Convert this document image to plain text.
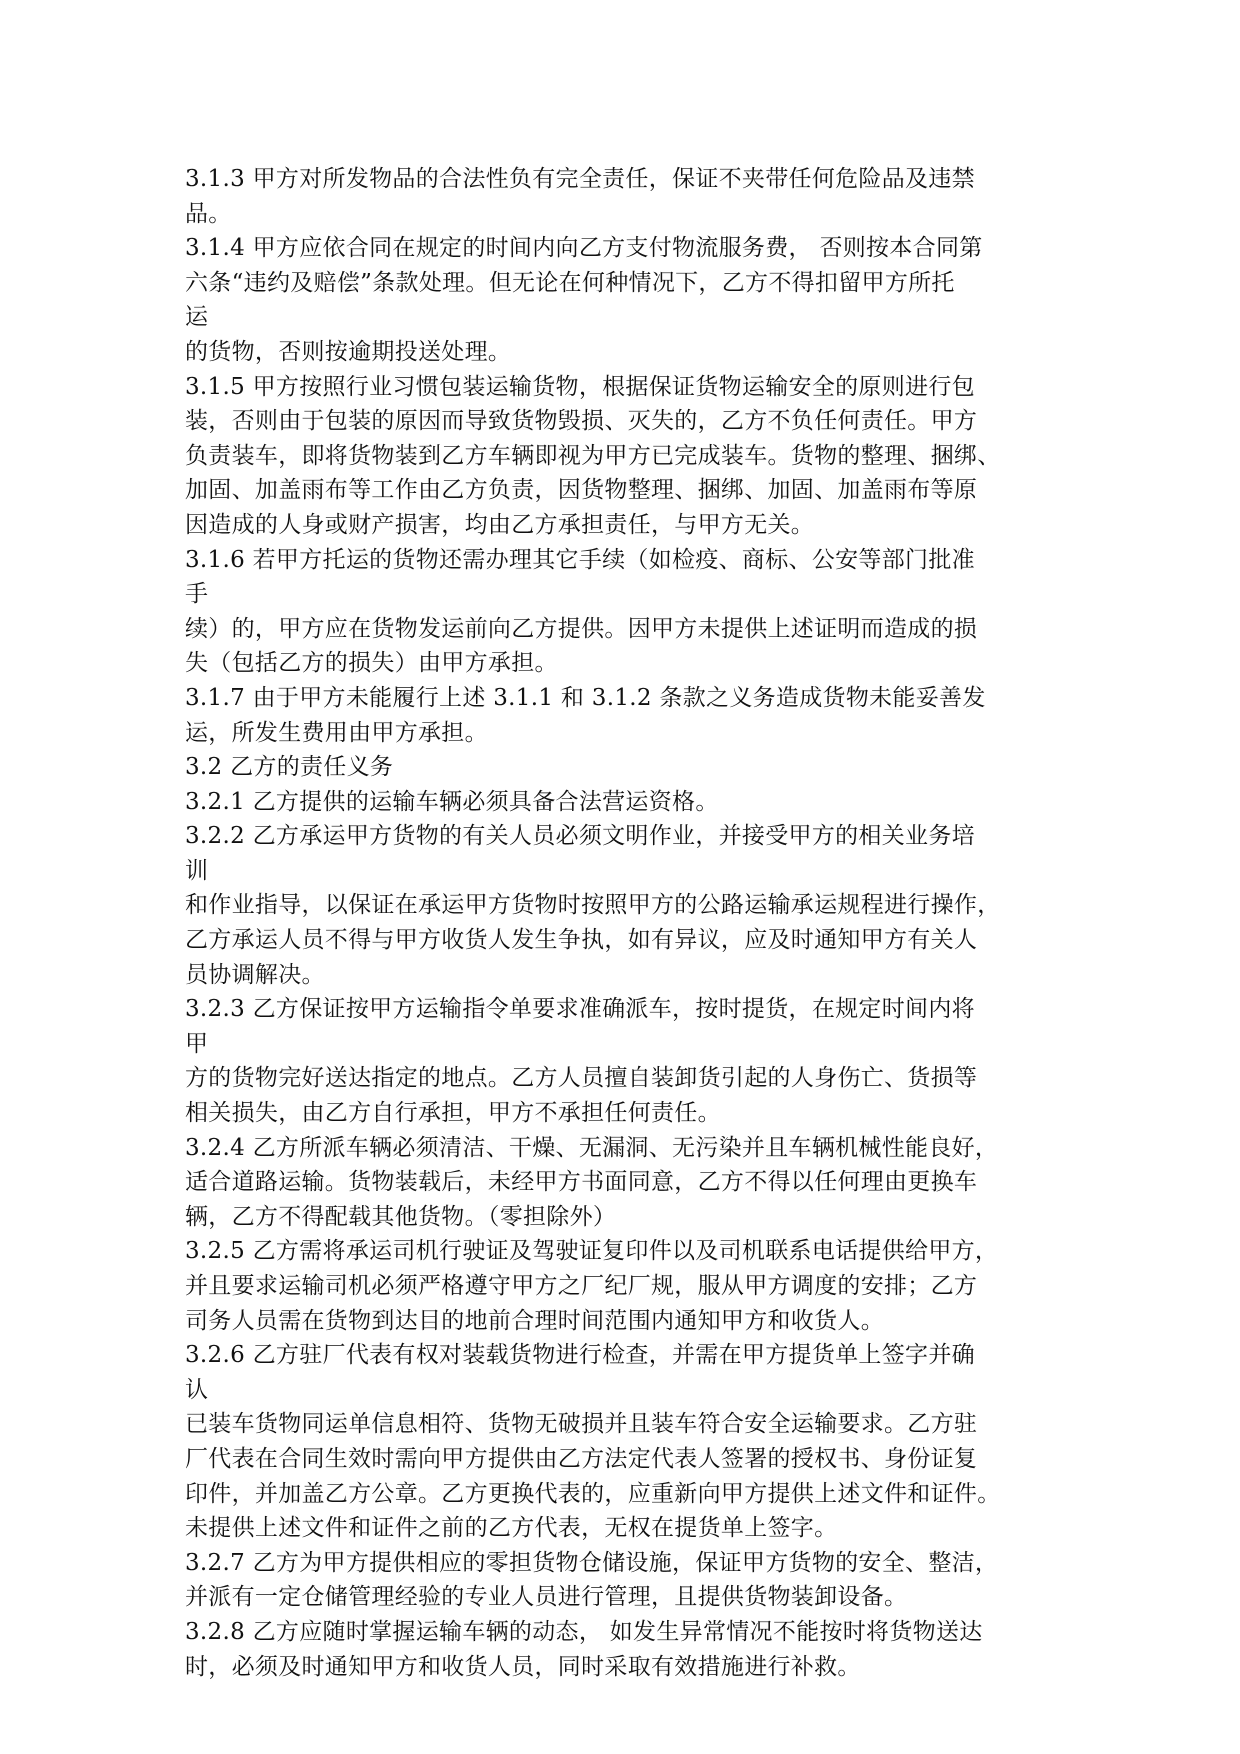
3.1.3 甲方对所发物品的合法性负有完全责任，保证不夹带任何危险品及违禁
品。
3.1.4 甲方应依合同在规定的时间内向乙方支付物流服务费， 否则按本合同第
六条“违约及赔偿”条款处理。但无论在何种情况下，乙方不得扣留甲方所托
运
的货物，否则按逾期投送处理。
3.1.5 甲方按照行业习惯包装运输货物，根据保证货物运输安全的原则进行包
装，否则由于包装的原因而导致货物毁损、灭失的，乙方不负任何责任。甲方
负责装车，即将货物装到乙方车辆即视为甲方已完成装车。货物的整理、捆绑、
加固、加盖雨布等工作由乙方负责，因货物整理、捆绑、加固、加盖雨布等原
因造成的人身或财产损害，均由乙方承担责任，与甲方无关。
3.1.6 若甲方托运的货物还需办理其它手续（如检疫、商标、公安等部门批准
手
续）的，甲方应在货物发运前向乙方提供。因甲方未提供上述证明而造成的损
失（包括乙方的损失）由甲方承担。
3.1.7 由于甲方未能履行上述 3.1.1 和 3.1.2 条款之义务造成货物未能妥善发
运，所发生费用由甲方承担。
3.2 乙方的责任义务
3.2.1 乙方提供的运输车辆必须具备合法营运资格。
3.2.2 乙方承运甲方货物的有关人员必须文明作业，并接受甲方的相关业务培
训
和作业指导，以保证在承运甲方货物时按照甲方的公路运输承运规程进行操作，
乙方承运人员不得与甲方收货人发生争执，如有异议，应及时通知甲方有关人
员协调解决。
3.2.3 乙方保证按甲方运输指令单要求准确派车，按时提货，在规定时间内将
甲
方的货物完好送达指定的地点。乙方人员擅自装卸货引起的人身伤亡、货损等
相关损失，由乙方自行承担，甲方不承担任何责任。
3.2.4 乙方所派车辆必须清洁、干燥、无漏洞、无污染并且车辆机械性能良好，
适合道路运输。货物装载后，未经甲方书面同意，乙方不得以任何理由更换车
辆，乙方不得配载其他货物。（零担除外）
3.2.5 乙方需将承运司机行驶证及驾驶证复印件以及司机联系电话提供给甲方，
并且要求运输司机必须严格遵守甲方之厂纪厂规，服从甲方调度的安排；乙方
司务人员需在货物到达目的地前合理时间范围内通知甲方和收货人。
3.2.6 乙方驻厂代表有权对装载货物进行检查，并需在甲方提货单上签字并确
认
已装车货物同运单信息相符、货物无破损并且装车符合安全运输要求。乙方驻
厂代表在合同生效时需向甲方提供由乙方法定代表人签署的授权书、身份证复
印件，并加盖乙方公章。乙方更换代表的，应重新向甲方提供上述文件和证件。
未提供上述文件和证件之前的乙方代表，无权在提货单上签字。
3.2.7 乙方为甲方提供相应的零担货物仓储设施，保证甲方货物的安全、整洁，
并派有一定仓储管理经验的专业人员进行管理，且提供货物装卸设备。
3.2.8 乙方应随时掌握运输车辆的动态， 如发生异常情况不能按时将货物送达
时，必须及时通知甲方和收货人员，同时采取有效措施进行补救。
